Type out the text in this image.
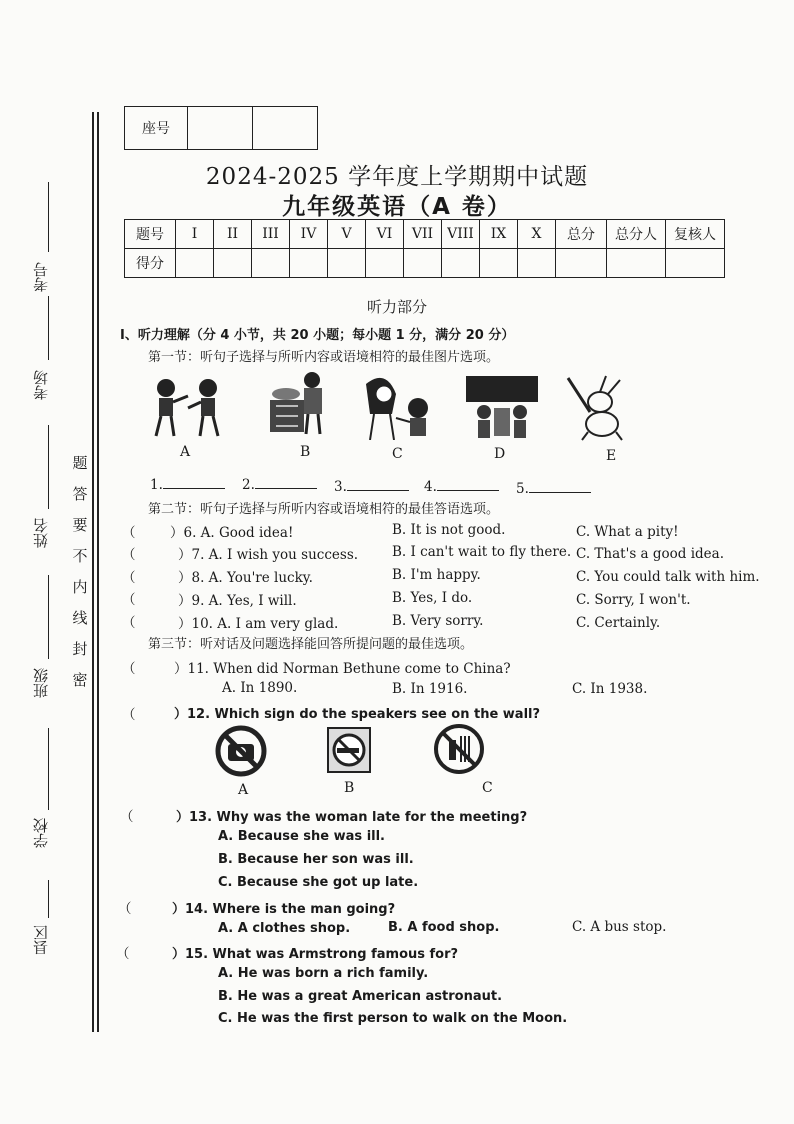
题
答
要
不
内
线
封
密
考号
考场
姓名
班级
学校
县区
座号		
2024-2025 学年度上学期期中试题
九年级英语（A 卷）
题号	I	II	III	IV	V	VI	VII	VIII	IX	X	总分	总分人	复核人
得分													
听力部分
I、听力理解（分 4 小节，共 20 小题；每小题 1 分，满分 20 分）
第一节：听句子选择与所听内容或语境相符的最佳图片选项。
A	B	C	D	E
1.	2.	3.	4.	5.
第二节：听句子选择与所听内容或语境相符的最佳答语选项。
（	）6. A. Good idea!	B. It is not good.	C. What a pity!
（	）7. A. I wish you success.	B. I can't wait to fly there. C. That's a good idea.
（	）8. A. You're lucky.	B. I'm happy.	C. You could talk with him.
（	）9. A. Yes, I will.	B. Yes, I do.	C. Sorry, I won't.
（	）10. A. I am very glad.	B. Very sorry.	C. Certainly.
第三节：听对话及问题选择能回答所提问题的最佳选项。
（	）11. When did Norman Bethune come to China?
A. In 1890.	B. In 1916.	C. In 1938.
（	）12. Which sign do the speakers see on the wall?
A	B	C
（	）13. Why was the woman late for the meeting?
A. Because she was ill.
B. Because her son was ill.
C. Because she got up late.
（	）14. Where is the man going?
A. A clothes shop.	B. A food shop.	C. A bus stop.
（	）15. What was Armstrong famous for?
A. He was born a rich family.
B. He was a great American astronaut.
C. He was the first person to walk on the Moon.
